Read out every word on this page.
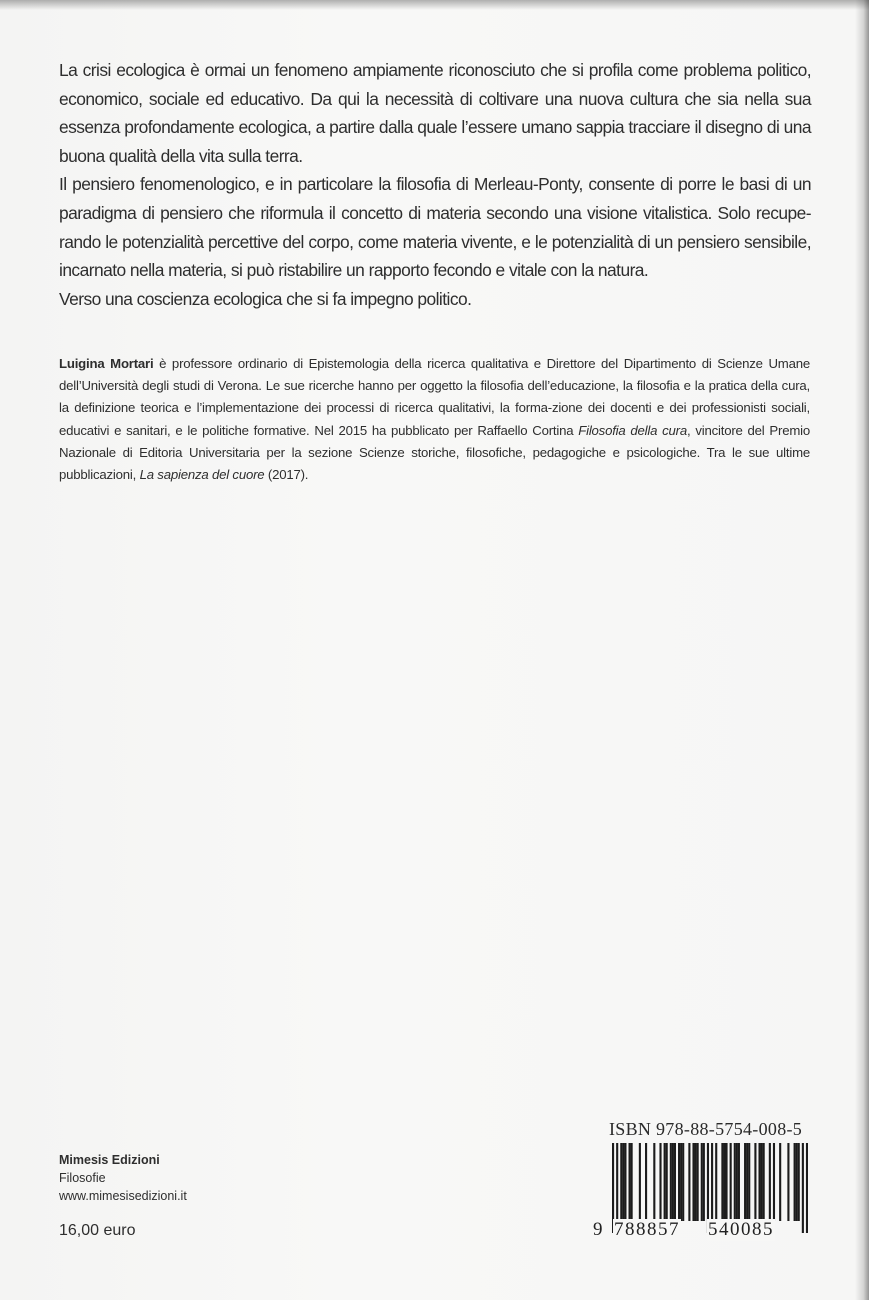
La crisi ecologica è ormai un fenomeno ampiamente riconosciuto che si profila come problema politico, economico, sociale ed educativo. Da qui la necessità di coltivare una nuova cultura che sia nella sua essenza profondamente ecologica, a partire dalla quale l’essere umano sappia tracciare il disegno di una buona qualità della vita sulla terra.

Il pensiero fenomenologico, e in particolare la filosofia di Merleau-Ponty, consente di porre le basi di un paradigma di pensiero che riformula il concetto di materia secondo una visione vitalistica. Solo recupe-rando le potenzialità percettive del corpo, come materia vivente, e le potenzialità di un pensiero sensibile, incarnato nella materia, si può ristabilire un rapporto fecondo e vitale con la natura.

Verso una coscienza ecologica che si fa impegno politico.

Luigina Mortari è professore ordinario di Epistemologia della ricerca qualitativa e Direttore del Dipartimento di Scienze Umane dell’Università degli studi di Verona. Le sue ricerche hanno per oggetto la filosofia dell’educazione, la filosofia e la pratica della cura, la definizione teorica e l’implementazione dei processi di ricerca qualitativi, la forma-zione dei docenti e dei professionisti sociali, educativi e sanitari, e le politiche formative. Nel 2015 ha pubblicato per Raffaello Cortina Filosofia della cura, vincitore del Premio Nazionale di Editoria Universitaria per la sezione Scienze storiche, filosofiche, pedagogiche e psicologiche. Tra le sue ultime pubblicazioni, La sapienza del cuore (2017).
Mimesis Edizioni
Filosofie
www.mimesisedizioni.it
16,00 euro
ISBN 978-88-5754-008-5
9 788857 540085
